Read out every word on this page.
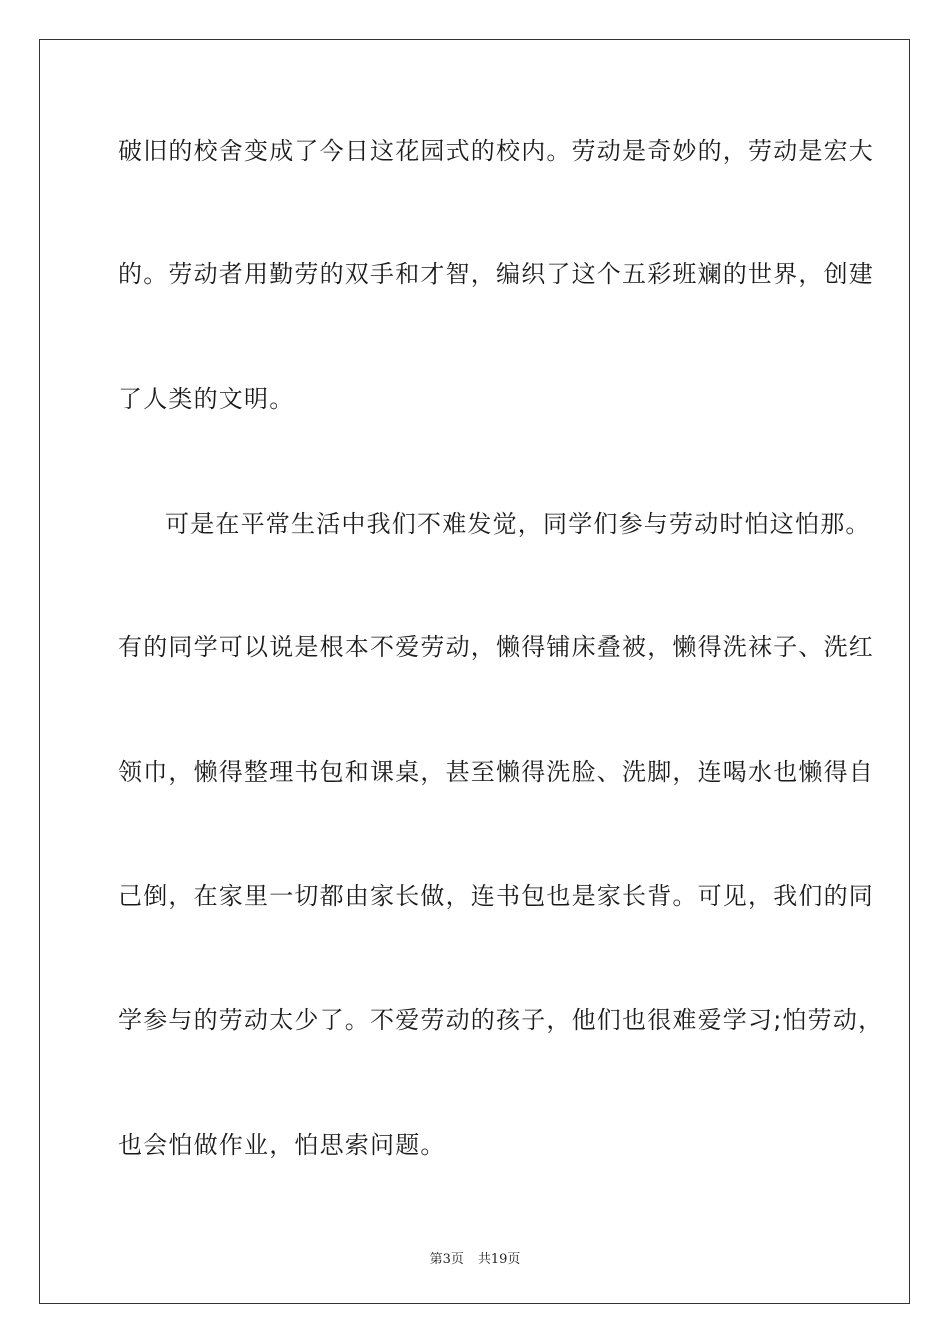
破旧的校舍变成了今日这花园式的校内。劳动是奇妙的，劳动是宏大
的。劳动者用勤劳的双手和才智，编织了这个五彩班斓的世界，创建
了人类的文明。
可是在平常生活中我们不难发觉，同学们参与劳动时怕这怕那。
有的同学可以说是根本不爱劳动，懒得铺床叠被，懒得洗袜子、洗红
领巾，懒得整理书包和课桌，甚至懒得洗脸、洗脚，连喝水也懒得自
己倒，在家里一切都由家长做，连书包也是家长背。可见，我们的同
学参与的劳动太少了。不爱劳动的孩子，他们也很难爱学习;怕劳动，
也会怕做作业，怕思索问题。
第3页 共19页
